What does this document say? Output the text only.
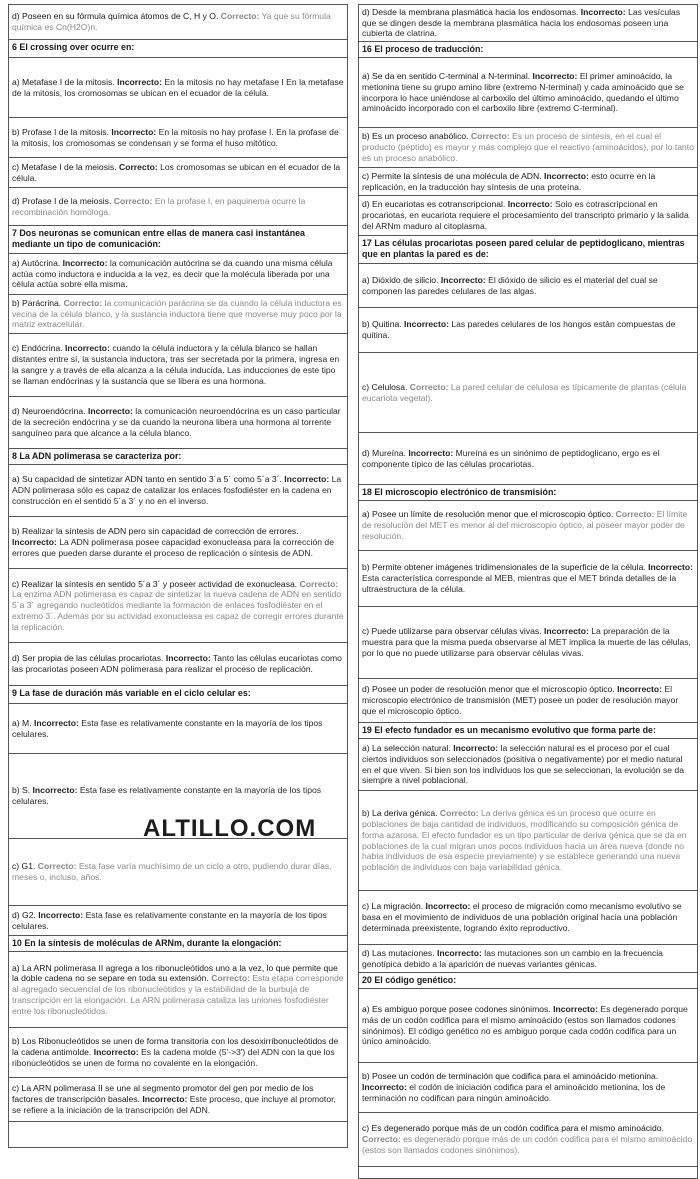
d) Poseen en su fórmula química átomos de C, H y O. Correcto: Ya que su fórmula química es Cn(H2O)n.
6 El crossing over ocurre en:
a) Metafase I de la mitosis. Incorrecto: En la mitosis no hay metafase I En la metafase de la mitosis, los cromosomas se ubican en el ecuador de la célula.
b) Profase I de la mitosis. Incorrecto: En la mitosis no hay profase I. En la profase de la mitosis, los cromosomas se condensan y se forma el huso mitótico.
c) Metafase I de la meiosis. Correcto: Los cromosomas se ubican en el ecuador de la célula.
d) Profase I de la meiosis. Correcto: En la profase I, en paquinema ocurre la recombinación homóloga.
7 Dos neuronas se comunican entre ellas de manera casi instantánea mediante un tipo de comunicación:
a) Autócrina. Incorrecto: la comunicación autócrina se da cuando una misma célula actúa como inductora e inducida a la vez, es decir que la molécula liberada por una célula actúa sobre ella misma.
b) Parácrina. Correcto: la comunicación parácrina se da cuando la célula inductora es vecina de la célula blanco, y la sustancia inductora tiene que moverse muy poco por la matriz extracelular.
c) Endócrina. Incorrecto: cuando la célula inductora y la célula blanco se hallan distantes entre sí, la sustancia inductora, tras ser secretada por la primera, ingresa en la sangre y a través de ella alcanza a la célula inducida. Las inducciones de este tipo se llaman endócrinas y la sustancia que se libera es una hormona.
d) Neuroendócrina. Incorrecto: la comunicación neuroendócrina es un caso particular de la secreción endócrina y se da cuando la neurona libera una hormona al torrente sanguíneo para que alcance a la célula blanco.
8 La ADN polimerasa se caracteriza por:
a) Su capacidad de sintetizar ADN tanto en sentido 3´a 5´ como 5´a 3´. Incorrecto: La ADN polimerasa sólo es capaz de catalizar los enlaces fosfodiéster en la cadena en construcción en el sentido 5´a 3´ y no en el inverso.
b) Realizar la síntesis de ADN pero sin capacidad de corrección de errores. Incorrecto: La ADN polimerasa posee capacidad exonucleasa para la corrección de errores que pueden darse durante el proceso de replicación o síntesis de ADN.
c) Realizar la síntesis en sentido 5´a 3´ y poseer actividad de exonucleasa. Correcto: La enzima ADN polimerasa es capaz de sintetizar la nueva cadena de ADN en sentido 5´a 3´ agregando nucleótidos mediante la formación de enlaces fosfodiéster en el extremo 3´. Además por su actividad exonucleasa es capaz de corregir errores durante la replicación.
d) Ser propia de las células procariotas. Incorrecto: Tanto las células eucariotas como las procariotas poseen ADN polimerasa para realizar el proceso de replicación.
9 La fase de duración más variable en el ciclo celular es:
a) M. Incorrecto: Esta fase es relativamente constante en la mayoría de los tipos celulares.
b) S. Incorrecto: Esta fase es relativamente constante en la mayoría de los tipos celulares.
c) G1. Correcto: Esta fase varía muchísimo de un ciclo a otro, pudiendo durar días, meses o, incluso, años.
d) G2. Incorrecto: Esta fase es relativamente constante en la mayoría de los tipos celulares.
10 En la síntesis de moléculas de ARNm, durante la elongación:
a) La ARN polimerasa II agrega a los ribonucleótidos uno a la vez, lo que permite que la doble cadena no se separe en toda su extensión. Correcto: Esta etapa corresponde al agregado secuencial de los ribonucleótidos y la estabilidad de la burbuja de transcripción en la elongación. La ARN polimerasa cataliza las uniones fosfodiéster entre los ribonucleótidos.
b) Los Ribonucleótidos se unen de forma transitoria con los desoxirribonucleótidos de la cadena antimolde. Incorrecto: Es la cadena molde (5'->3') del ADN con la que los ribonucleótidos se unen de forma no covalente en la elongación.
c) La ARN polimerasa II se une al segmento promotor del gen por medio de los factores de transcripción basales. Incorrecto: Este proceso, que incluye al promotor, se refiere a la iniciación de la transcripción del ADN.
d) Desde la membrana plasmática hacia los endosomas. Incorrecto: Las vesículas que se dingen desde la membrana plasmática hacia los endosomas poseen una cubierta de clatrina.
16 El proceso de traducción:
a) Se da en sentido C-terminal a N-terminal. Incorrecto: El primer aminoácido, la metionina tiene su grupo amino libre (extremo N-terminal) y cada aminoácido que se incorpora lo hace uniéndose al carboxilo del último aminoácido, quedando el último aminoácido incorporado con el carboxilo libre (extremo C-terminal).
b) Es un proceso anabólico. Correcto: Es un proceso de síntesis, en el cual el producto (péptido) es mayor y más complejo que el reactivo (aminoácidos), por lo tanto es un proceso anabólico.
c) Permite la síntesis de una molécula de ADN. Incorrecto: esto ocurre en la replicación, en la traducción hay síntesis de una proteína.
d) En eucariotas es cotranscripcional. Incorrecto: Solo es cotrascripcional en procariotas, en eucariota requiere el procesamiento del transcripto primario y la salida del ARNm maduro al citoplasma.
17 Las células procariotas poseen pared celular de peptidoglicano, mientras que en plantas la pared es de:
a) Dióxido de silicio. Incorrecto: El dióxido de silicio es el material del cual se componen las paredes celulares de las algas.
b) Quitina. Incorrecto: Las paredes celulares de los hongos están compuestas de quitina.
c) Celulosa. Correcto: La pared celular de celulosa es típicamente de plantas (célula eucariota vegetal).
d) Mureína. Incorrecto: Mureína es un sinónimo de peptidoglicano, ergo es el componente típico de las células procariotas.
18 El microscopio electrónico de transmisión:
a) Posee un límite de resolución menor que el microscopio óptico. Correcto: El límite de resolución del MET es menor al del microscopio óptico, al poseer mayor poder de resolución.
b) Permite obtener imágenes tridimensionales de la superficie de la célula. Incorrecto: Esta característica corresponde al MEB, mientras que el MET brinda detalles de la ultraestructura de la célula.
c) Puede utilizarse para observar células vivas. Incorrecto: La preparación de la muestra para que la misma pueda observarse al MET implica la muerte de las células, por lo que no puede utilizarse para observar células vivas.
d) Posee un poder de resolución menor que el microscopio óptico. Incorrecto: El microscopio electrónico de transmisión (MET) posee un poder de resolución mayor que el microscopio óptico.
19 El efecto fundador es un mecanismo evolutivo que forma parte de:
a) La selección natural. Incorrecto: la selección natural es el proceso por el cual ciertos individuos son seleccionados (positiva o negativamente) por el medio natural en el que viven. Si bien son los individuos los que se seleccionan, la evolución se da siempre a nivel poblacional.
b) La deriva génica. Correcto: La deriva génica es un proceso que ocurre en poblaciones de baja cantidad de individuos, modificando su composición génica de forma azarosa. El efecto fundador es un tipo particular de deriva génica que se da en poblaciones de la cual migran unos pocos individuos hacia un área nueva (donde no había individuos de esa especie previamente) y se establece generando una nueva población de individuos con baja variabilidad génica.
c) La migración. Incorrecto: el proceso de migración como mecanismo evolutivo se basa en el movimiento de individuos de una población original hacia una población determinada preexistente, logrando éxito reproductivo.
d) Las mutaciones. Incorrecto: las mutaciones son un cambio en la frecuencia genotípica debido a la aparición de nuevas variantes génicas.
20 El código genético:
a) Es ambiguo porque posee codones sinónimos. Incorrecto: Es degenerado porque más de un codón codifica para el mismo aminoácido (estos son llamados codones sinónimos). El código genético no es ambiguo porque cada codón codifica para un único aminoácido.
b) Posee un codón de terminación que codifica para el aminoácido metionina. Incorrecto: el codón de iniciación codifica para el aminoácido metionina, los de terminación no codifican para ningún aminoácido.
c) Es degenerado porque más de un codón codifica para el mismo aminoácido. Correcto: es degenerado porque más de un codón codifica para el mismo aminoácido (estos son llamados codones sinónimos).
ALTILLO.COM
